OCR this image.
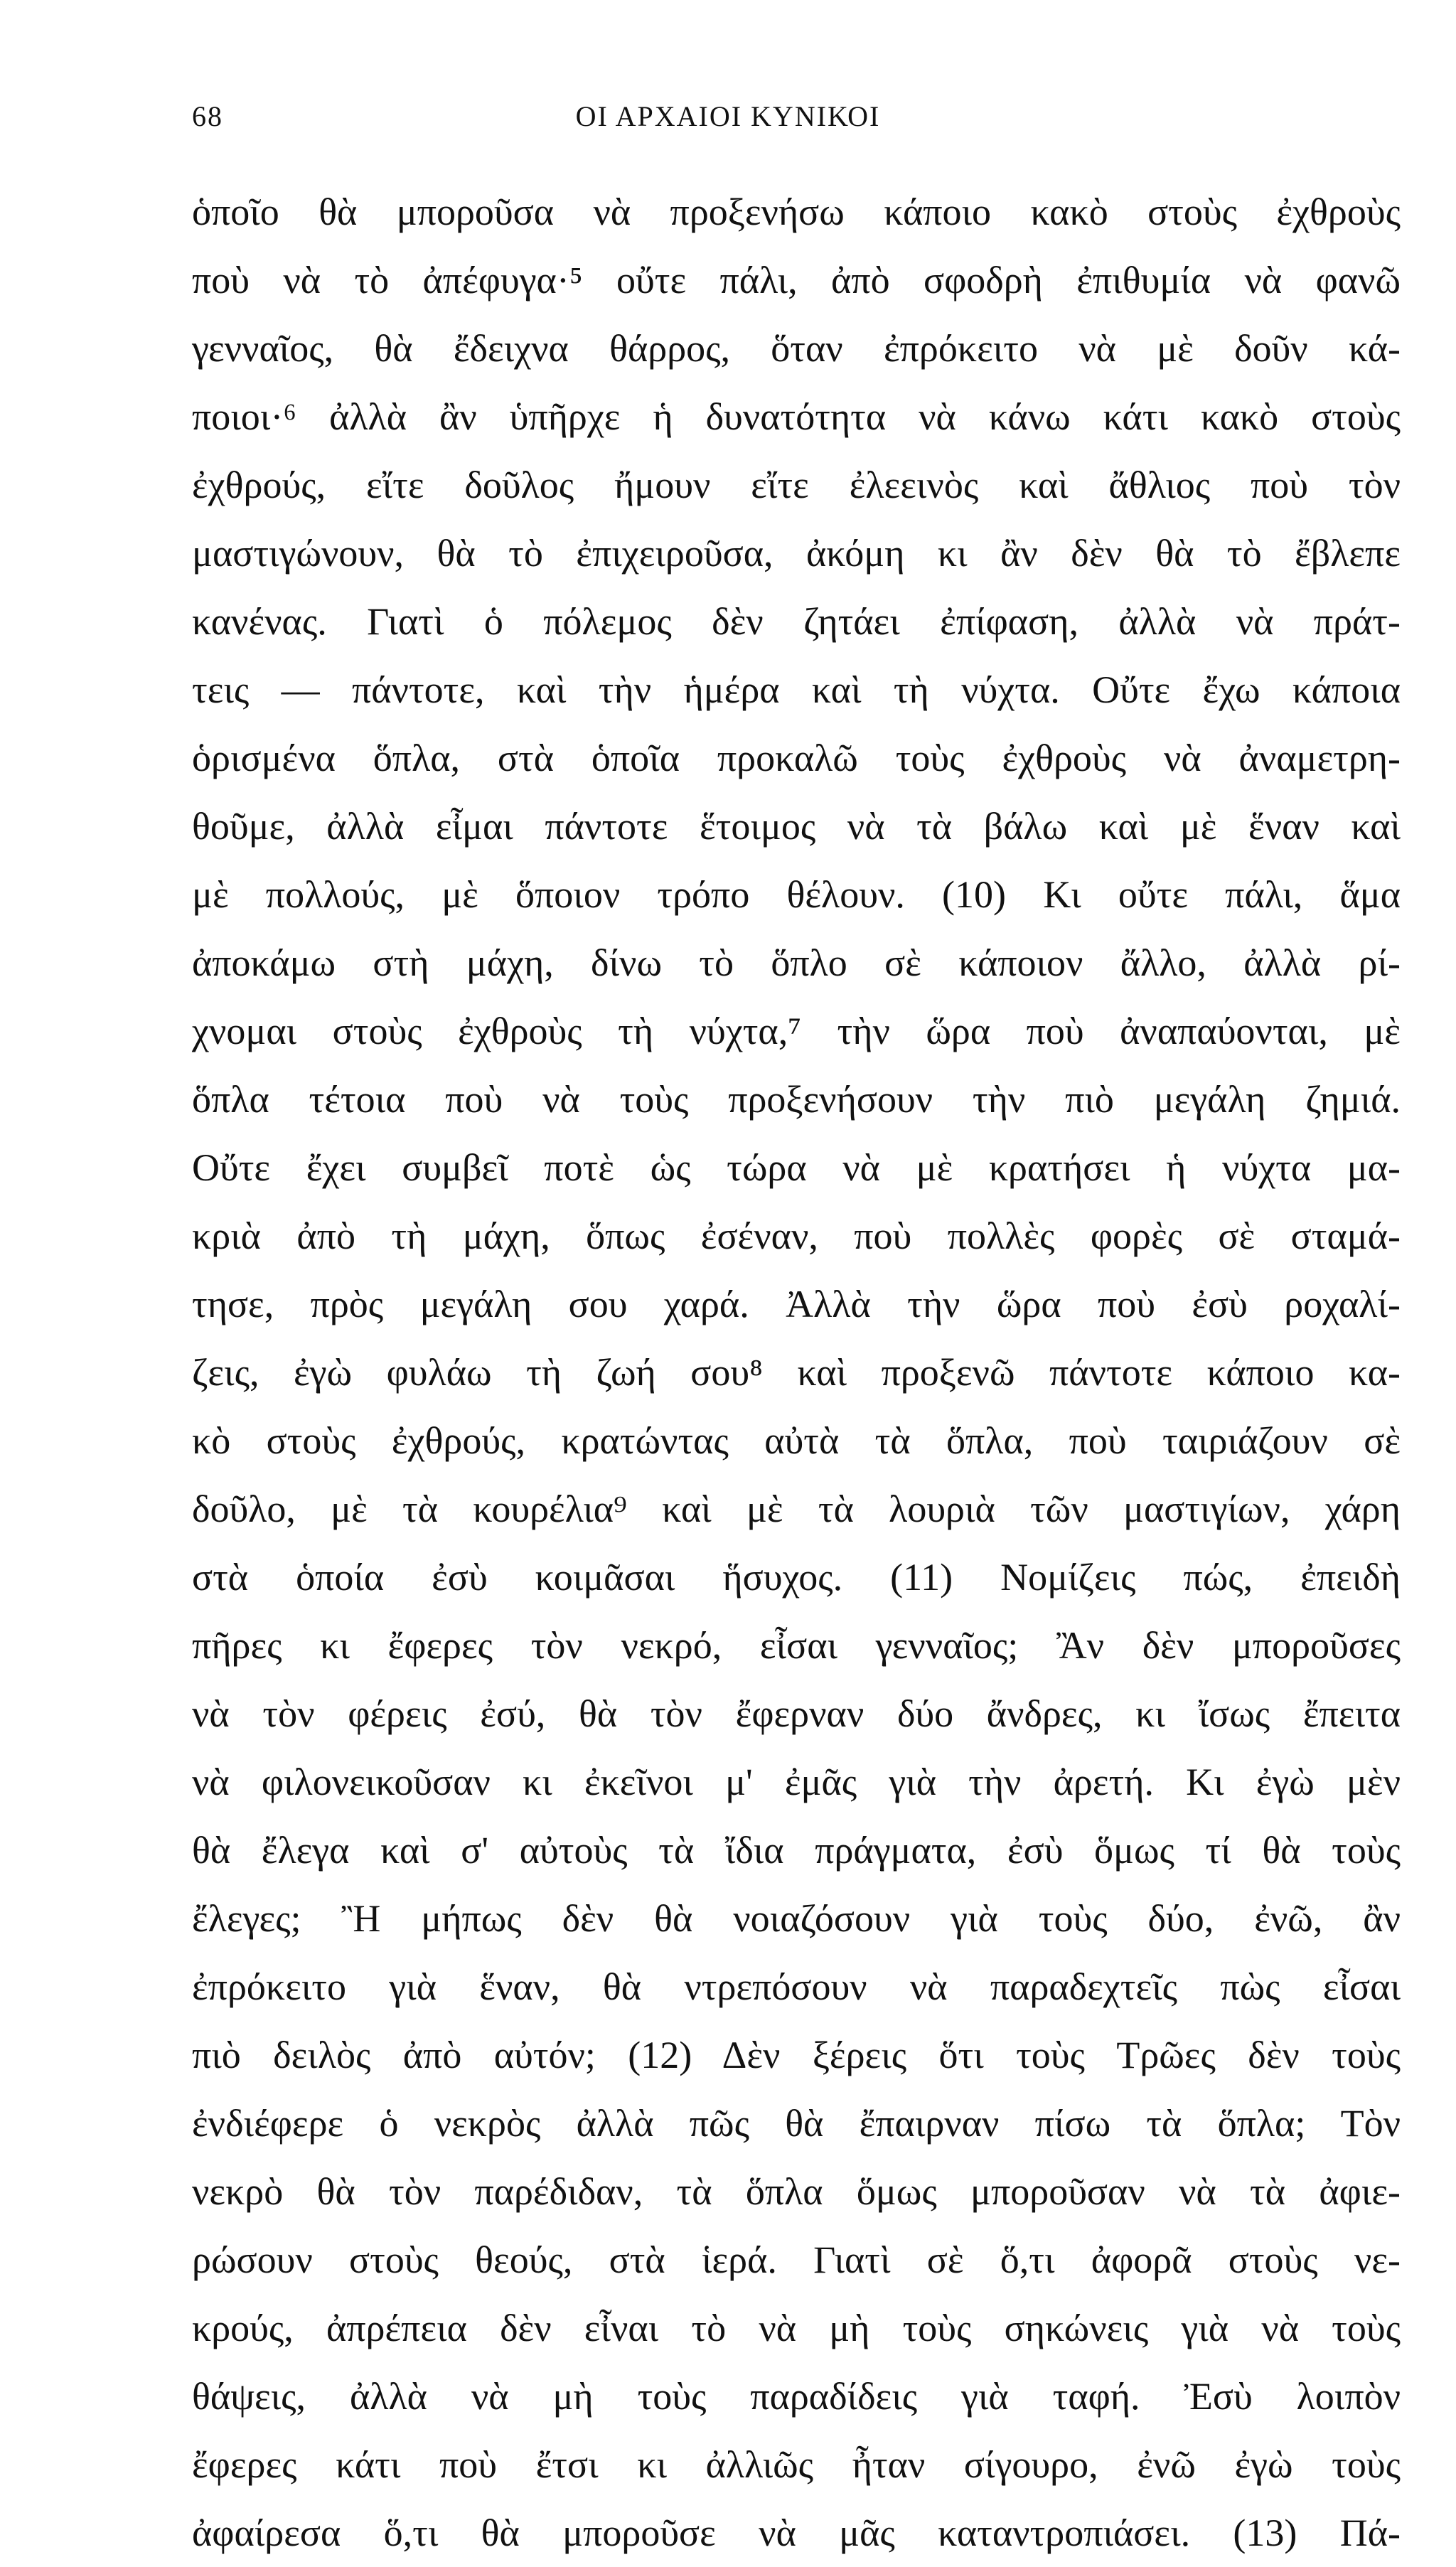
68	ΟΙ ΑΡΧΑΙΟΙ ΚΥΝΙΚΟΙ
ὁποῖο θὰ μποροῦσα νὰ προξενήσω κάποιο κακὸ στοὺς ἐχθροὺς
ποὺ νὰ τὸ ἀπέφυγα·⁵ οὔτε πάλι, ἀπὸ σφοδρὴ ἐπιθυμία νὰ φανῶ
γενναῖος, θὰ ἔδειχνα θάρρος, ὅταν ἐπρόκειτο νὰ μὲ δοῦν κά-
ποιοι·⁶ ἀλλὰ ἂν ὑπῆρχε ἡ δυνατότητα νὰ κάνω κάτι κακὸ στοὺς
ἐχθρούς, εἴτε δοῦλος ἤμουν εἴτε ἐλεεινὸς καὶ ἄθλιος ποὺ τὸν
μαστιγώνουν, θὰ τὸ ἐπιχειροῦσα, ἀκόμη κι ἂν δὲν θὰ τὸ ἔβλεπε
κανένας. Γιατὶ ὁ πόλεμος δὲν ζητάει ἐπίφαση, ἀλλὰ νὰ πράτ-
τεις — πάντοτε, καὶ τὴν ἡμέρα καὶ τὴ νύχτα. Οὔτε ἔχω κάποια
ὁρισμένα ὅπλα, στὰ ὁποῖα προκαλῶ τοὺς ἐχθροὺς νὰ ἀναμετρη-
θοῦμε, ἀλλὰ εἶμαι πάντοτε ἕτοιμος νὰ τὰ βάλω καὶ μὲ ἕναν καὶ
μὲ πολλούς, μὲ ὅποιον τρόπο θέλουν. (10) Κι οὔτε πάλι, ἅμα
ἀποκάμω στὴ μάχη, δίνω τὸ ὅπλο σὲ κάποιον ἄλλο, ἀλλὰ ρί-
χνομαι στοὺς ἐχθροὺς τὴ νύχτα,⁷ τὴν ὥρα ποὺ ἀναπαύονται, μὲ
ὅπλα τέτοια ποὺ νὰ τοὺς προξενήσουν τὴν πιὸ μεγάλη ζημιά.
Οὔτε ἔχει συμβεῖ ποτὲ ὡς τώρα νὰ μὲ κρατήσει ἡ νύχτα μα-
κριὰ ἀπὸ τὴ μάχη, ὅπως ἐσέναν, ποὺ πολλὲς φορὲς σὲ σταμά-
τησε, πρὸς μεγάλη σου χαρά. Ἀλλὰ τὴν ὥρα ποὺ ἐσὺ ροχαλί-
ζεις, ἐγὼ φυλάω τὴ ζωή σου⁸ καὶ προξενῶ πάντοτε κάποιο κα-
κὸ στοὺς ἐχθρούς, κρατώντας αὐτὰ τὰ ὅπλα, ποὺ ταιριάζουν σὲ
δοῦλο, μὲ τὰ κουρέλια⁹ καὶ μὲ τὰ λουριὰ τῶν μαστιγίων, χάρη
στὰ ὁποία ἐσὺ κοιμᾶσαι ἥσυχος. (11) Νομίζεις πώς, ἐπειδὴ
πῆρες κι ἔφερες τὸν νεκρό, εἶσαι γενναῖος; Ἂν δὲν μποροῦσες
νὰ τὸν φέρεις ἐσύ, θὰ τὸν ἔφερναν δύο ἄνδρες, κι ἴσως ἔπειτα
νὰ φιλονεικοῦσαν κι ἐκεῖνοι μ' ἐμᾶς γιὰ τὴν ἀρετή. Κι ἐγὼ μὲν
θὰ ἔλεγα καὶ σ' αὐτοὺς τὰ ἴδια πράγματα, ἐσὺ ὅμως τί θὰ τοὺς
ἔλεγες; Ἢ μήπως δὲν θὰ νοιαζόσουν γιὰ τοὺς δύο, ἐνῶ, ἂν
ἐπρόκειτο γιὰ ἕναν, θὰ ντρεπόσουν νὰ παραδεχτεῖς πὼς εἶσαι
πιὸ δειλὸς ἀπὸ αὐτόν; (12) Δὲν ξέρεις ὅτι τοὺς Τρῶες δὲν τοὺς
ἐνδιέφερε ὁ νεκρὸς ἀλλὰ πῶς θὰ ἔπαιρναν πίσω τὰ ὅπλα; Τὸν
νεκρὸ θὰ τὸν παρέδιδαν, τὰ ὅπλα ὅμως μποροῦσαν νὰ τὰ ἀφιε-
ρώσουν στοὺς θεούς, στὰ ἱερά. Γιατὶ σὲ ὅ,τι ἀφορᾶ στοὺς νε-
κρούς, ἀπρέπεια δὲν εἶναι τὸ νὰ μὴ τοὺς σηκώνεις γιὰ νὰ τοὺς
θάψεις, ἀλλὰ νὰ μὴ τοὺς παραδίδεις γιὰ ταφή. Ἐσὺ λοιπὸν
ἔφερες κάτι ποὺ ἔτσι κι ἀλλιῶς ἦταν σίγουρο, ἐνῶ ἐγὼ τοὺς
ἀφαίρεσα ὅ,τι θὰ μποροῦσε νὰ μᾶς καταντροπιάσει. (13) Πά-
